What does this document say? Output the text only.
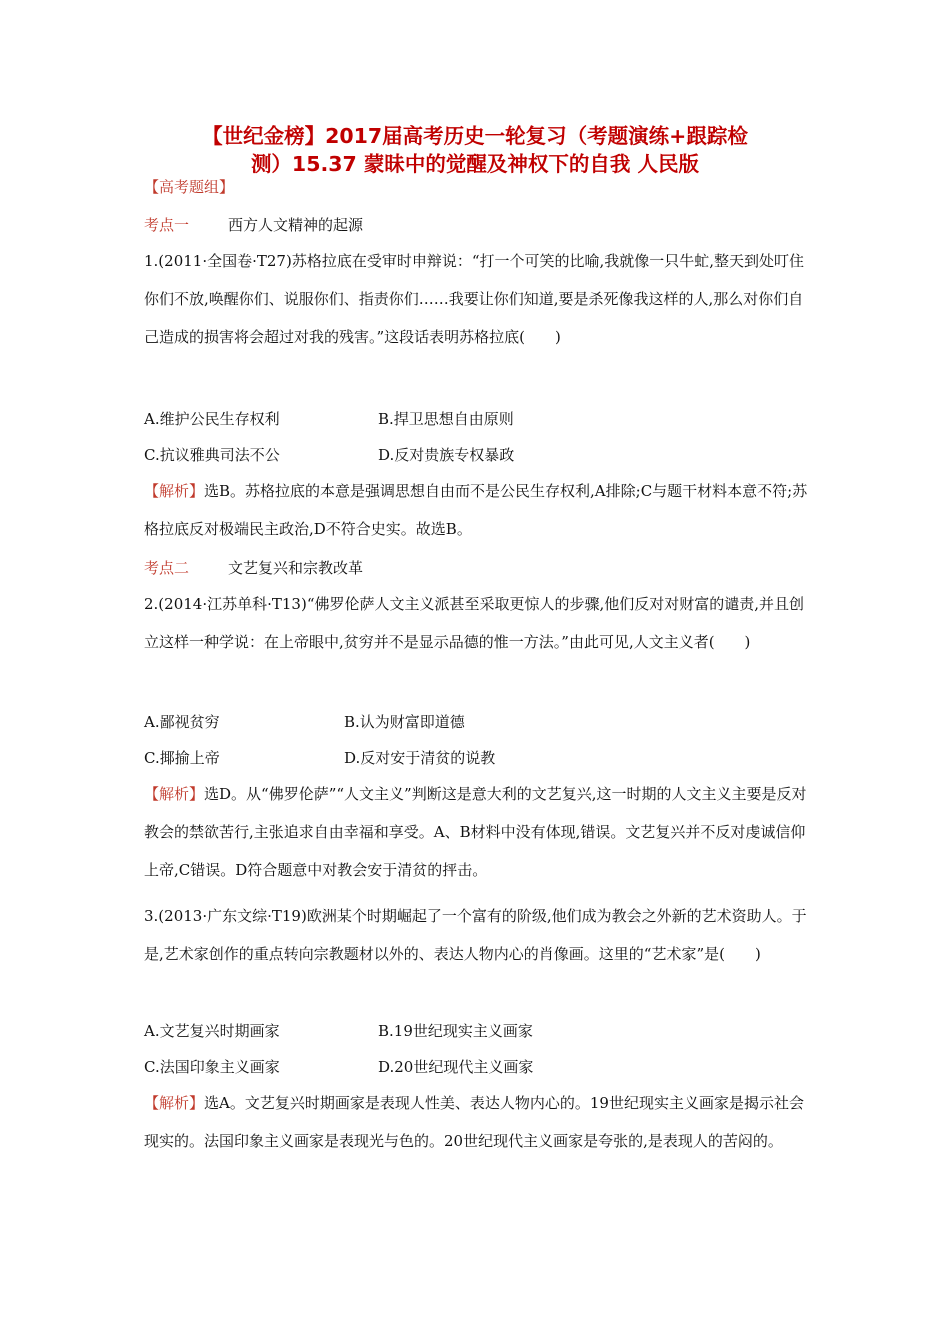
【世纪金榜】2017届高考历史一轮复习（考题演练+跟踪检
测）15.37 蒙昧中的觉醒及神权下的自我 人民版
【高考题组】
考点一	西方人文精神的起源
1.(2011·全国卷·T27)苏格拉底在受审时申辩说：“打一个可笑的比喻,我就像一只牛虻,整天到处叮住你们不放,唤醒你们、说服你们、指责你们……我要让你们知道,要是杀死像我这样的人,那么对你们自己造成的损害将会超过对我的残害。”这段话表明苏格拉底(　　)
A.维护公民生存权利	B.捍卫思想自由原则
C.抗议雅典司法不公	D.反对贵族专权暴政
【解析】选B。苏格拉底的本意是强调思想自由而不是公民生存权利,A排除;C与题干材料本意不符;苏格拉底反对极端民主政治,D不符合史实。故选B。
考点二	文艺复兴和宗教改革
2.(2014·江苏单科·T13)“佛罗伦萨人文主义派甚至采取更惊人的步骤,他们反对对财富的谴责,并且创立这样一种学说：在上帝眼中,贫穷并不是显示品德的惟一方法。”由此可见,人文主义者(　　)
A.鄙视贫穷	B.认为财富即道德
C.揶揄上帝	D.反对安于清贫的说教
【解析】选D。从“佛罗伦萨”“人文主义”判断这是意大利的文艺复兴,这一时期的人文主义主要是反对教会的禁欲苦行,主张追求自由幸福和享受。A、B材料中没有体现,错误。文艺复兴并不反对虔诚信仰上帝,C错误。D符合题意中对教会安于清贫的抨击。
3.(2013·广东文综·T19)欧洲某个时期崛起了一个富有的阶级,他们成为教会之外新的艺术资助人。于是,艺术家创作的重点转向宗教题材以外的、表达人物内心的肖像画。这里的“艺术家”是(　　)
A.文艺复兴时期画家	B.19世纪现实主义画家
C.法国印象主义画家	D.20世纪现代主义画家
【解析】选A。文艺复兴时期画家是表现人性美、表达人物内心的。19世纪现实主义画家是揭示社会现实的。法国印象主义画家是表现光与色的。20世纪现代主义画家是夸张的,是表现人的苦闷的。
